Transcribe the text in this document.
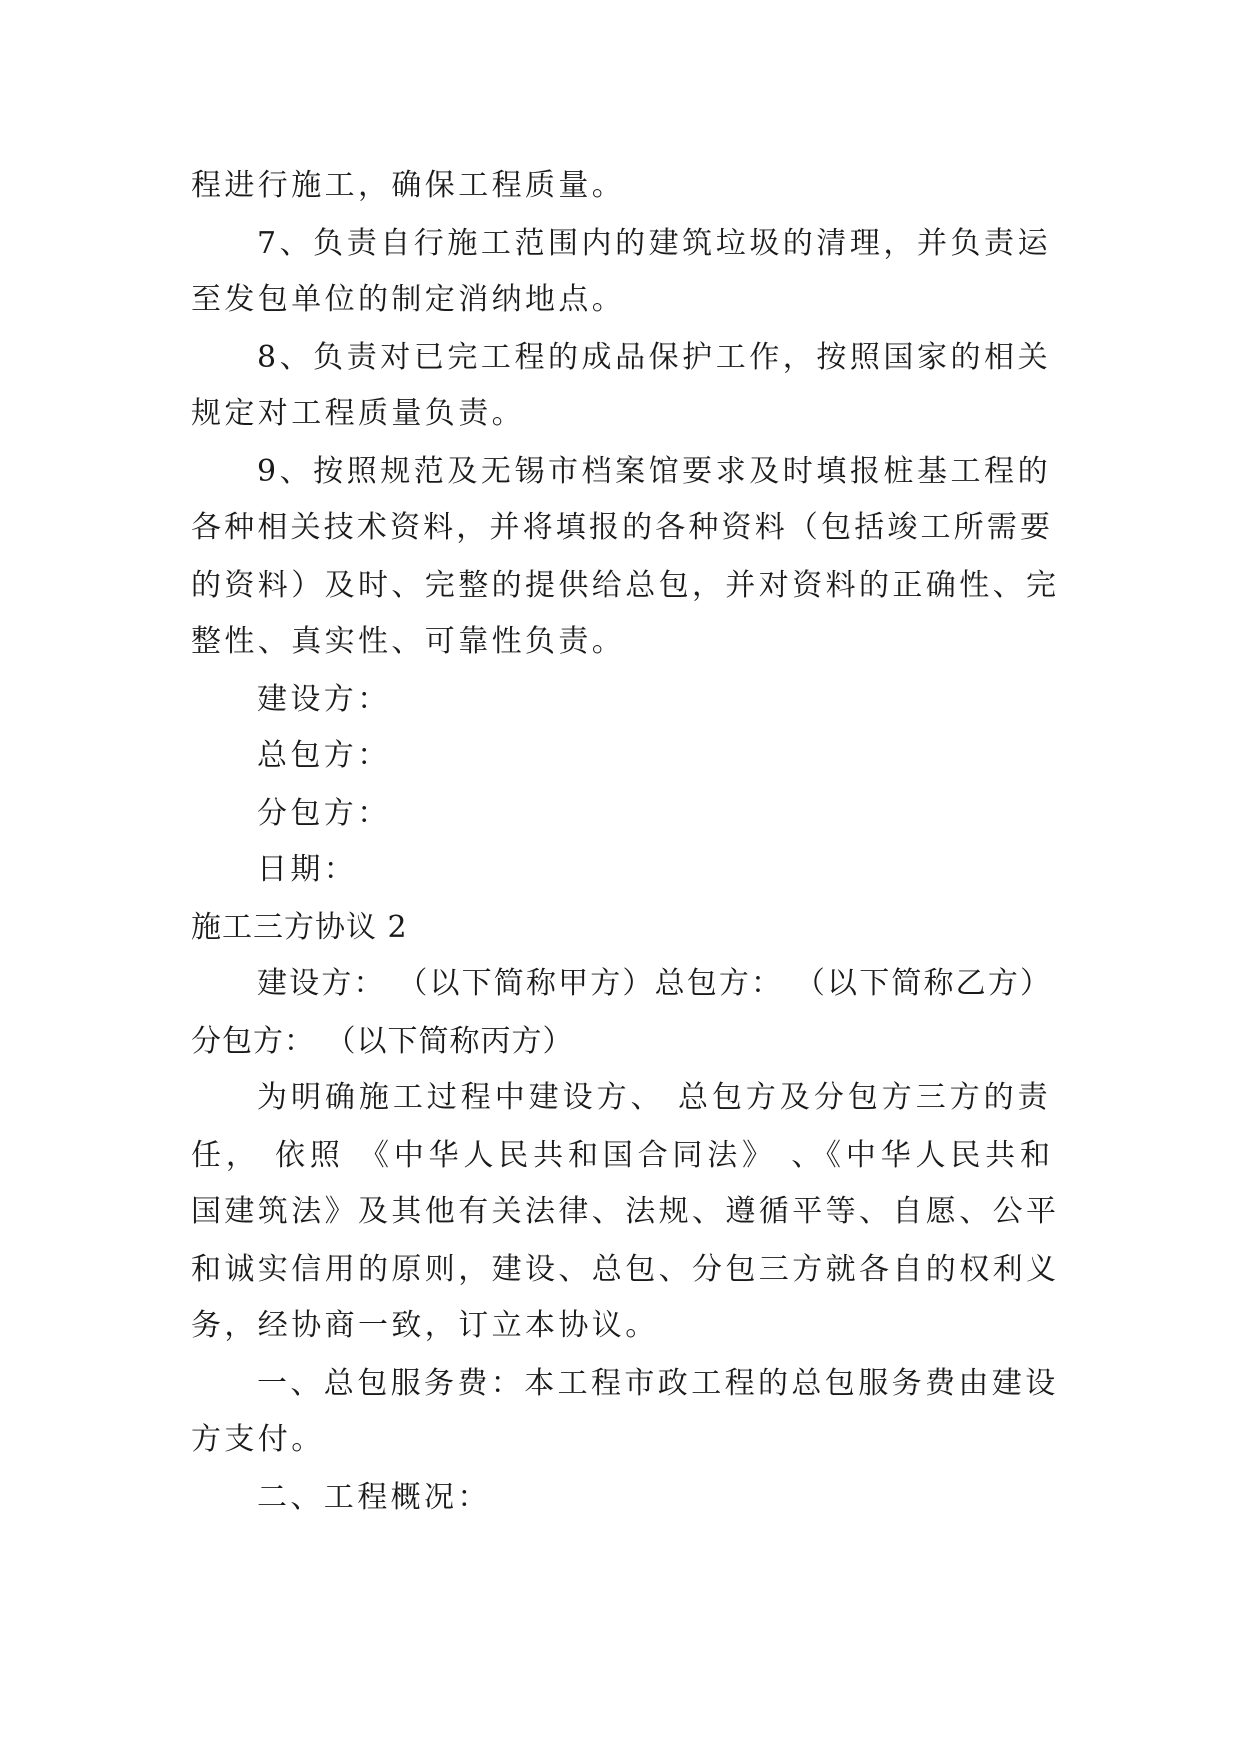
程进行施工，确保工程质量。
7、负责自行施工范围内的建筑垃圾的清理，并负责运
至发包单位的制定消纳地点。
8、负责对已完工程的成品保护工作，按照国家的相关
规定对工程质量负责。
9、按照规范及无锡市档案馆要求及时填报桩基工程的
各种相关技术资料，并将填报的各种资料（包括竣工所需要
的资料）及时、完整的提供给总包，并对资料的正确性、完
整性、真实性、可靠性负责。
建设方：
总包方：
分包方：
日期：
施工三方协议 2
建设方： （以下简称甲方）总包方： （以下简称乙方）
分包方： （以下简称丙方）
为明确施工过程中建设方、 总包方及分包方三方的责
任， 依照 《中华人民共和国合同法》 、《中华人民共和
国建筑法》及其他有关法律、法规、遵循平等、自愿、公平
和诚实信用的原则，建设、总包、分包三方就各自的权利义
务，经协商一致，订立本协议。
一、总包服务费：本工程市政工程的总包服务费由建设
方支付。
二、工程概况：
